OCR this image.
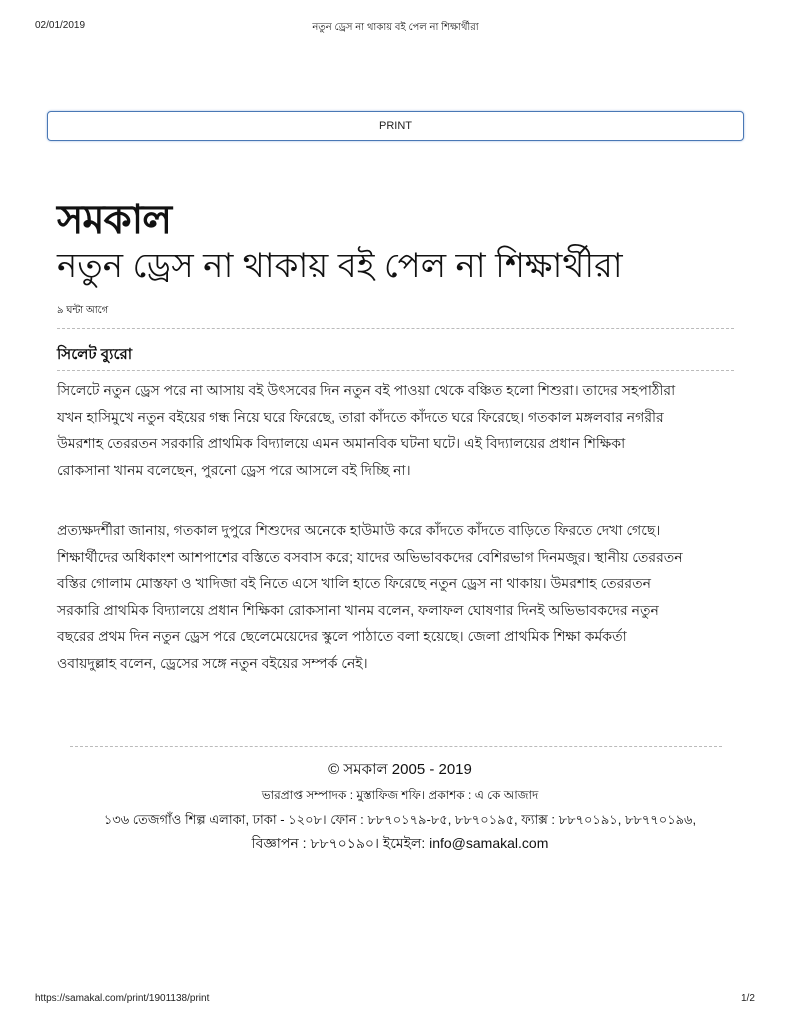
02/01/2019	নতুন ড্রেস না থাকায় বই পেল না শিক্ষার্থীরা
PRINT
সমকাল
নতুন ড্রেস না থাকায় বই পেল না শিক্ষার্থীরা
৯ ঘন্টা আগে
সিলেট ব্যুরো
সিলেটে নতুন ড্রেস পরে না আসায় বই উৎসবের দিন নতুন বই পাওয়া থেকে বঞ্চিত হলো শিশুরা। তাদের সহপাঠীরা
যখন হাসিমুখে নতুন বইয়ের গন্ধ নিয়ে ঘরে ফিরেছে, তারা কাঁদতে কাঁদতে ঘরে ফিরেছে। গতকাল মঙ্গলবার নগরীর
উমরশাহ তেররতন সরকারি প্রাথমিক বিদ্যালয়ে এমন অমানবিক ঘটনা ঘটে। এই বিদ্যালয়ের প্রধান শিক্ষিকা
রোকসানা খানম বলেছেন, পুরনো ড্রেস পরে আসলে বই দিচ্ছি না।
প্রত্যক্ষদর্শীরা জানায়, গতকাল দুপুরে শিশুদের অনেকে হাউমাউ করে কাঁদতে কাঁদতে বাড়িতে ফিরতে দেখা গেছে।
শিক্ষার্থীদের অধিকাংশ আশপাশের বস্তিতে বসবাস করে; যাদের অভিভাবকদের বেশিরভাগ দিনমজুর। স্থানীয় তেররতন
বস্তির গোলাম মোস্তফা ও খাদিজা বই নিতে এসে খালি হাতে ফিরেছে নতুন ড্রেস না থাকায়। উমরশাহ তেররতন
সরকারি প্রাথমিক বিদ্যালয়ে প্রধান শিক্ষিকা রোকসানা খানম বলেন, ফলাফল ঘোষণার দিনই অভিভাবকদের নতুন
বছরের প্রথম দিন নতুন ড্রেস পরে ছেলেমেয়েদের স্কুলে পাঠাতে বলা হয়েছে। জেলা প্রাথমিক শিক্ষা কর্মকর্তা
ওবায়দুল্লাহ বলেন, ড্রেসের সঙ্গে নতুন বইয়ের সম্পর্ক নেই।
© সমকাল 2005 - 2019
ভারপ্রাপ্ত সম্পাদক : মুস্তাফিজ শফি। প্রকাশক : এ কে আজাদ
১৩৬ তেজগাঁও শিল্প এলাকা, ঢাকা - ১২০৮। ফোন : ৮৮৭০১৭৯-৮৫, ৮৮৭০১৯৫, ফ্যাক্স : ৮৮৭০১৯১, ৮৮৭৭০১৯৬,
বিজ্ঞাপন : ৮৮৭০১৯০। ইমেইল: info@samakal.com
https://samakal.com/print/1901138/print	1/2
